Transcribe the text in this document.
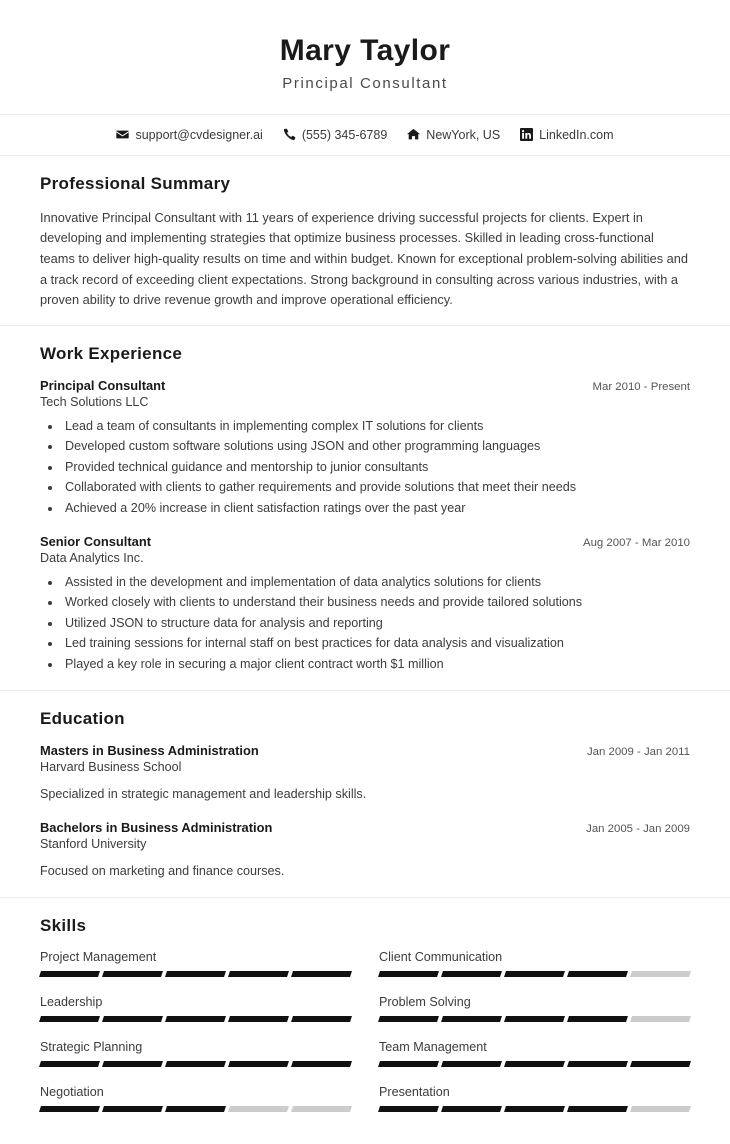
Mary Taylor

Principal Consultant

support@cvdesigner.ai	(555) 345-6789	NewYork, US	LinkedIn.com
Professional Summary

Innovative Principal Consultant with 11 years of experience driving successful projects for clients. Expert in developing and implementing strategies that optimize business processes. Skilled in leading cross-functional teams to deliver high-quality results on time and within budget. Known for exceptional problem-solving abilities and a track record of exceeding client expectations. Strong background in consulting across various industries, with a proven ability to drive revenue growth and improve operational efficiency.

Work Experience
Principal Consultant	Mar 2010 - Present

Tech Solutions LLC

• Lead a team of consultants in implementing complex IT solutions for clients
• Developed custom software solutions using JSON and other programming languages
• Provided technical guidance and mentorship to junior consultants
• Collaborated with clients to gather requirements and provide solutions that meet their needs
• Achieved a 20% increase in client satisfaction ratings over the past year
Senior Consultant	Aug 2007 - Mar 2010

Data Analytics Inc.

• Assisted in the development and implementation of data analytics solutions for clients
• Worked closely with clients to understand their business needs and provide tailored solutions
• Utilized JSON to structure data for analysis and reporting
• Led training sessions for internal staff on best practices for data analysis and visualization
• Played a key role in securing a major client contract worth $1 million
Education
Masters in Business Administration	Jan 2009 - Jan 2011

Harvard Business School

Specialized in strategic management and leadership skills.

Bachelors in Business Administration	Jan 2005 - Jan 2009

Stanford University

Focused on marketing and finance courses.

Skills
Project Management	Client Communication
Leadership	Problem Solving
Strategic Planning	Team Management
Negotiation	Presentation
